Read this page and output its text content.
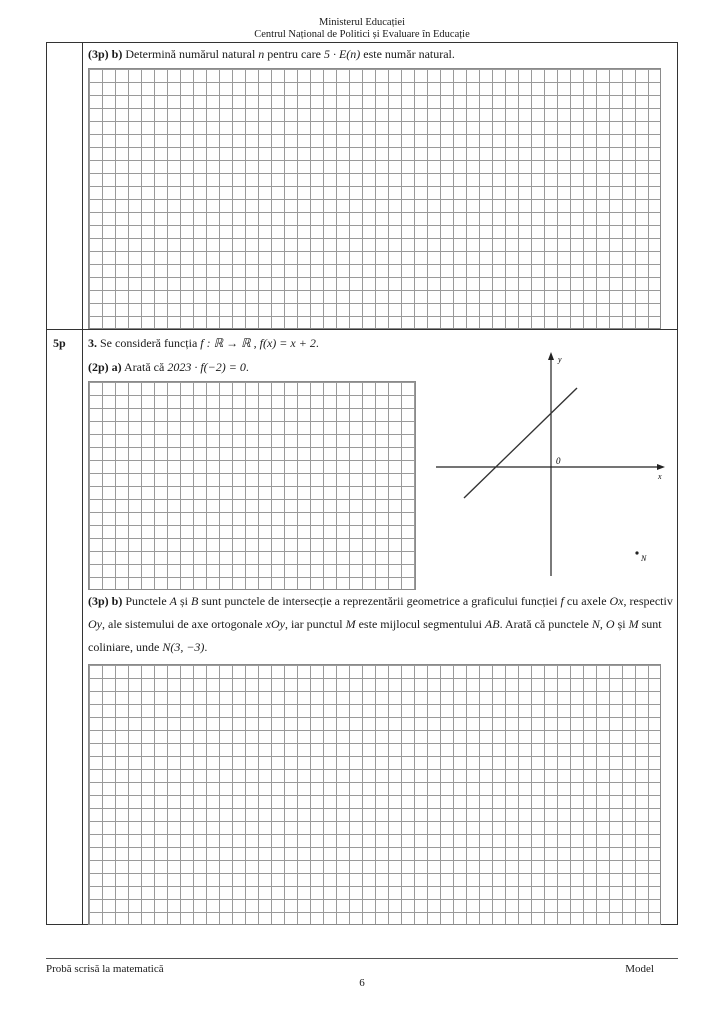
Ministerul Educației
Centrul Național de Politici și Evaluare în Educație
(3p) b) Determină numărul natural n pentru care 5 · E(n) este număr natural.
5p 3. Se consideră funcția f : ℝ → ℝ , f(x) = x + 2.
(2p) a) Arată că 2023 · f(−2) = 0.
y
x
0
N
(3p) b) Punctele A și B sunt punctele de intersecție a reprezentării geometrice a graficului funcției f cu axele Ox, respectiv Oy, ale sistemului de axe ortogonale xOy, iar punctul M este mijlocul segmentului AB. Arată că punctele N, O și M sunt coliniare, unde N(3, −3).
Probă scrisă la matematică	Model
6
